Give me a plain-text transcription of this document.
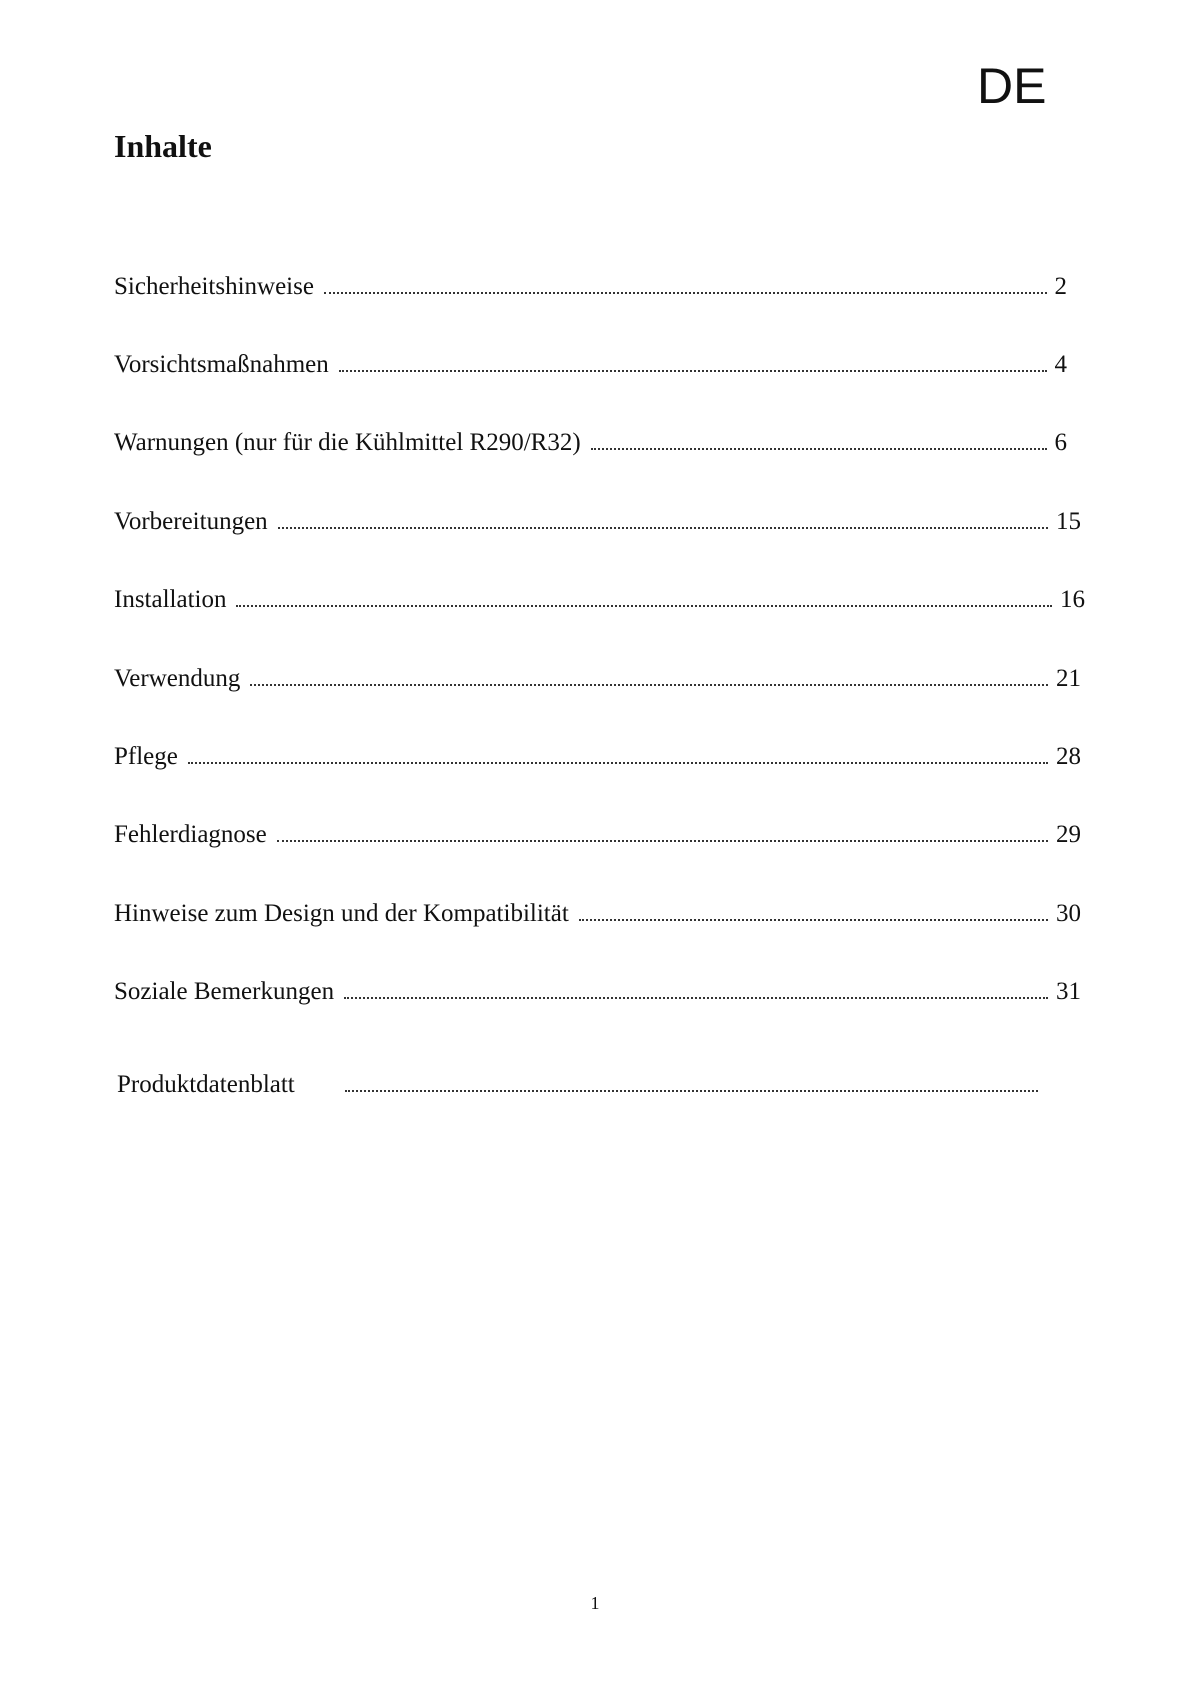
DE
Inhalte
Sicherheitshinweise	2
Vorsichtsmaßnahmen	4
Warnungen (nur für die Kühlmittel R290/R32)	6
Vorbereitungen	15
Installation	16
Verwendung	21
Pflege	28
Fehlerdiagnose	29
Hinweise zum Design und der Kompatibilität	30
Soziale Bemerkungen	31
Produktdatenblatt
1
